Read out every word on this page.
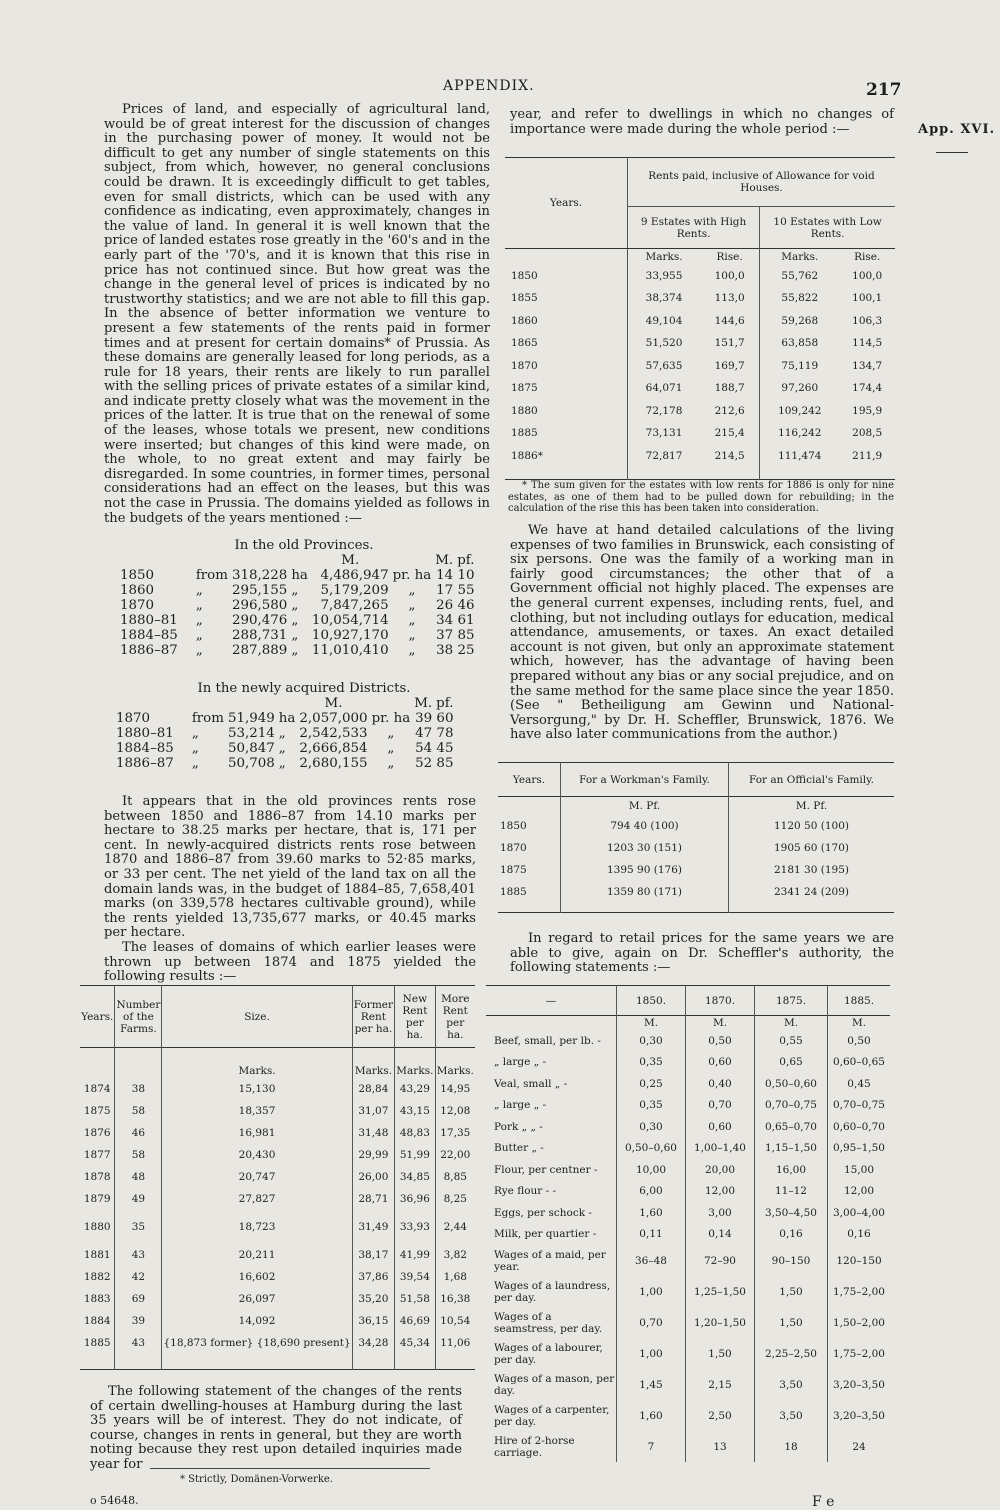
APPENDIX.	217
App. XVI.

Prices of land, and especially of agricultural land, would be of great interest for the discussion of changes in the purchasing power of money. It would not be difficult to get any number of single statements on this subject, from which, however, no general conclusions could be drawn. It is exceedingly difficult to get tables, even for small districts, which can be used with any confidence as indicating, even approximately, changes in the value of land. In general it is well known that the price of landed estates rose greatly in the '60's and in the early part of the '70's, and it is known that this rise in price has not continued since. But how great was the change in the general level of prices is indicated by no trustworthy statistics; and we are not able to fill this gap. In the absence of better information we venture to present a few statements of the rents paid in former times and at present for certain domains* of Prussia. As these domains are generally leased for long periods, as a rule for 18 years, their rents are likely to run parallel with the selling prices of private estates of a similar kind, and indicate pretty closely what was the movement in the prices of the latter. It is true that on the renewal of some of the leases, whose totals we present, new conditions were inserted; but changes of this kind were made, on the whole, to no great extent and may fairly be disregarded. In some countries, in former times, personal considerations had an effect on the leases, but this was not the case in Prussia. The domains yielded as follows in the budgets of the years mentioned :—

In the old Provinces.

				M.		M.	pf.
1850	from	318,228	ha	4,486,947	pr. ha	14	10
1860	„	295,155	„	5,179,209	„	17	55
1870	„	296,580	„	7,847,265	„	26	46
1880–81	„	290,476	„	10,054,714	„	34	61
1884–85	„	288,731	„	10,927,170	„	37	85
1886–87	„	287,889	„	11,010,410	„	38	25

In the newly acquired Districts.

				M.		M.	pf.
1870	from	51,949	ha	2,057,000	pr. ha	39	60
1880–81	„	53,214	„	2,542,533	„	47	78
1884–85	„	50,847	„	2,666,854	„	54	45
1886–87	„	50,708	„	2,680,155	„	52	85

It appears that in the old provinces rents rose between 1850 and 1886–87 from 14.10 marks per hectare to 38.25 marks per hectare, that is, 171 per cent. In newly-acquired districts rents rose between 1870 and 1886–87 from 39.60 marks to 52·85 marks, or 33 per cent. The net yield of the land tax on all the domain lands was, in the budget of 1884–85, 7,658,401 marks (on 339,578 hectares cultivable ground), while the rents yielded 13,735,677 marks, or 40.45 marks per hectare.

The leases of domains of which earlier leases were thrown up between 1874 and 1875 yielded the following results :—

Years.	Number of the Farms.	Size.	Former Rent per ha.	New Rent per ha.	More Rent per ha.
		Marks.	Marks.	Marks.	Marks.
1874	38	15,130	28,84	43,29	14,95
1875	58	18,357	31,07	43,15	12,08
1876	46	16,981	31,48	48,83	17,35
1877	58	20,430	29,99	51,99	22,00
1878	48	20,747	26,00	34,85	8,85
1879	49	27,827	28,71	36,96	8,25
1880	35	18,723	31,49	33,93	2,44
1881	43	20,211	38,17	41,99	3,82
1882	42	16,602	37,86	39,54	1,68
1883	69	26,097	35,20	51,58	16,38
1884	39	14,092	36,15	46,69	10,54
1885	43	{18,873 former} {18,690 present}	34,28	45,34	11,06

The following statement of the changes of the rents of certain dwelling-houses at Hamburg during the last 35 years will be of interest. They do not indicate, of course, changes in rents in general, but they are worth noting because they rest upon detailed inquiries made year for

* Strictly, Domänen-Vorwerke.
o 54648.

year, and refer to dwellings in which no changes of importance were made during the whole period :—

Years.	Rents paid, inclusive of Allowance for void Houses.			
	9 Estates with High Rents.		10 Estates with Low Rents.	
	Marks.	Rise.	Marks.	Rise.
1850	33,955	100,0	55,762	100,0
1855	38,374	113,0	55,822	100,1
1860	49,104	144,6	59,268	106,3
1865	51,520	151,7	63,858	114,5
1870	57,635	169,7	75,119	134,7
1875	64,071	188,7	97,260	174,4
1880	72,178	212,6	109,242	195,9
1885	73,131	215,4	116,242	208,5
1886*	72,817	214,5	111,474	211,9

* The sum given for the estates with low rents for 1886 is only for nine estates, as one of them had to be pulled down for rebuilding; in the calculation of the rise this has been taken into consideration.

We have at hand detailed calculations of the living expenses of two families in Brunswick, each consisting of six persons. One was the family of a working man in fairly good circumstances; the other that of a Government official not highly placed. The expenses are the general current expenses, including rents, fuel, and clothing, but not including outlays for education, medical attendance, amusements, or taxes. An exact detailed account is not given, but only an approximate statement which, however, has the advantage of having been prepared without any bias or any social prejudice, and on the same method for the same place since the year 1850. (See " Betheiligung am Gewinn und National-Versorgung," by Dr. H. Scheffler, Brunswick, 1876. We have also later communications from the author.)

Years.	For a Workman's Family.	For an Official's Family.
	M. Pf.	M. Pf.
1850	794 40 (100)	1120 50 (100)
1870	1203 30 (151)	1905 60 (170)
1875	1395 90 (176)	2181 30 (195)
1885	1359 80 (171)	2341 24 (209)

In regard to retail prices for the same years we are able to give, again on Dr. Scheffler's authority, the following statements :—

—	1850.	1870.	1875.	1885.
	M.	M.	M.	M.
Beef, small, per lb. -	0,30	0,50	0,55	0,50
„ large „ -	0,35	0,60	0,65	0,60–0,65
Veal, small „ -	0,25	0,40	0,50–0,60	0,45
„ large „ -	0,35	0,70	0,70–0,75	0,70–0,75
Pork „ „ -	0,30	0,60	0,65–0,70	0,60–0,70
Butter „ -	0,50–0,60	1,00–1,40	1,15–1,50	0,95–1,50
Flour, per centner -	10,00	20,00	16,00	15,00
Rye flour - -	6,00	12,00	11–12	12,00
Eggs, per schock -	1,60	3,00	3,50–4,50	3,00–4,00
Milk, per quartier -	0,11	0,14	0,16	0,16
Wages of a maid, per year.	36–48	72–90	90–150	120–150
Wages of a laundress, per day.	1,00	1,25–1,50	1,50	1,75–2,00
Wages of a seamstress, per day.	0,70	1,20–1,50	1,50	1,50–2,00
Wages of a labourer, per day.	1,00	1,50	2,25–2,50	1,75–2,00
Wages of a mason, per day.	1,45	2,15	3,50	3,20–3,50
Wages of a carpenter, per day.	1,60	2,50	3,50	3,20–3,50
Hire of 2-horse carriage.	7	13	18	24
F e
